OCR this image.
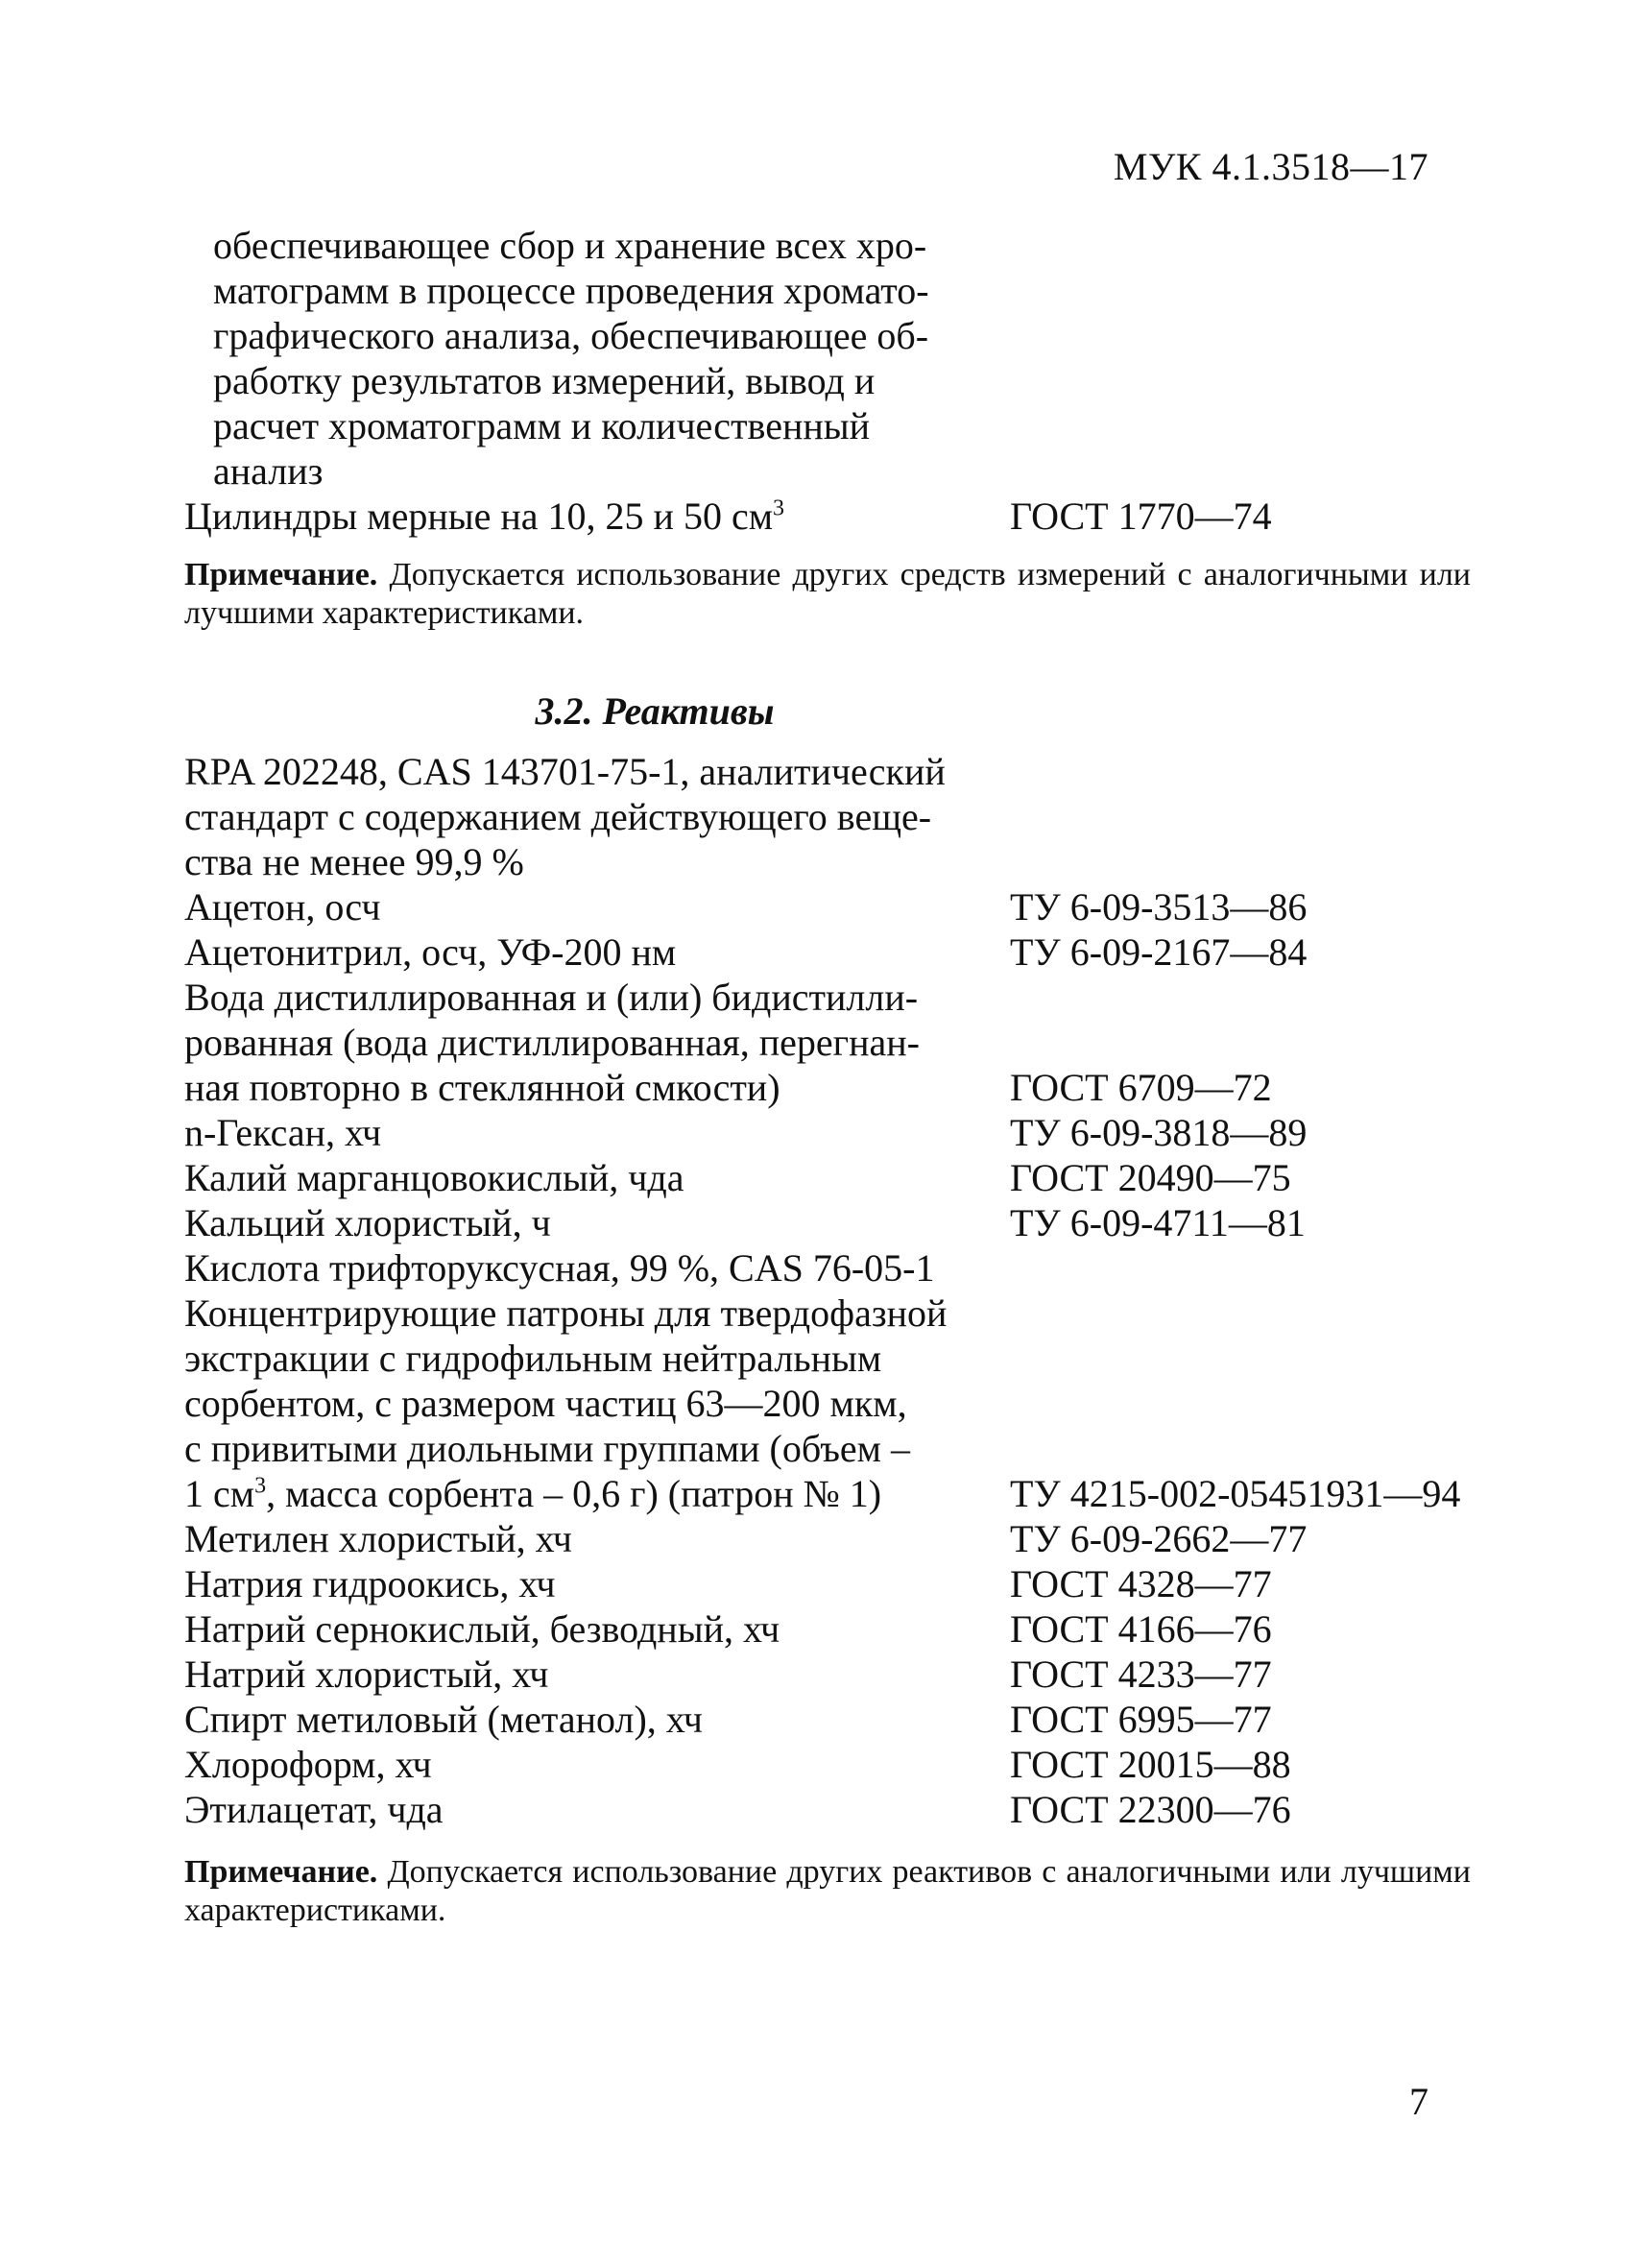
МУК 4.1.3518—17
обеспечивающее сбор и хранение всех хро-
матограмм в процессе проведения хромато-
графического анализа, обеспечивающее об-
работку результатов измерений, вывод и
расчет хроматограмм и количественный
анализ
Цилиндры мерные на 10, 25 и 50 $см^3$	ГОСТ 1770—74
Примечание. Допускается использование других средств измерений с аналогичными или лучшими характеристиками.
3.2. Реактивы
RPA 202248, CAS 143701-75-1, аналитический
стандарт с содержанием действующего веще-
ства не менее 99,9 %
Ацетон, осч	ТУ 6-09-3513—86
Ацетонитрил, осч, УФ-200 нм	ТУ 6-09-2167—84
Вода дистиллированная и (или) бидистилли-
рованная (вода дистиллированная, перегнан-
ная повторно в стеклянной смкости)	ГОСТ 6709—72
n-Гексан, хч	ТУ 6-09-3818—89
Калий марганцовокислый, чда	ГОСТ 20490—75
Кальций хлористый, ч	ТУ 6-09-4711—81
Кислота трифторуксусная, 99 %, CAS 76-05-1
Концентрирующие патроны для твердофазной
экстракции с гидрофильным нейтральным
сорбентом, с размером частиц 63—200 мкм,
с привитыми диольными группами (объем –
1 $см^3$, масса сорбента – 0,6 г) (патрон № 1)	ТУ 4215-002-05451931—94
Метилен хлористый, хч	ТУ 6-09-2662—77
Натрия гидроокись, хч	ГОСТ 4328—77
Натрий сернокислый, безводный, хч	ГОСТ 4166—76
Натрий хлористый, хч	ГОСТ 4233—77
Спирт метиловый (метанол), хч	ГОСТ 6995—77
Хлороформ, хч	ГОСТ 20015—88
Этилацетат, чда	ГОСТ 22300—76
Примечание. Допускается использование других реактивов с аналогичными или лучшими характеристиками.
7
